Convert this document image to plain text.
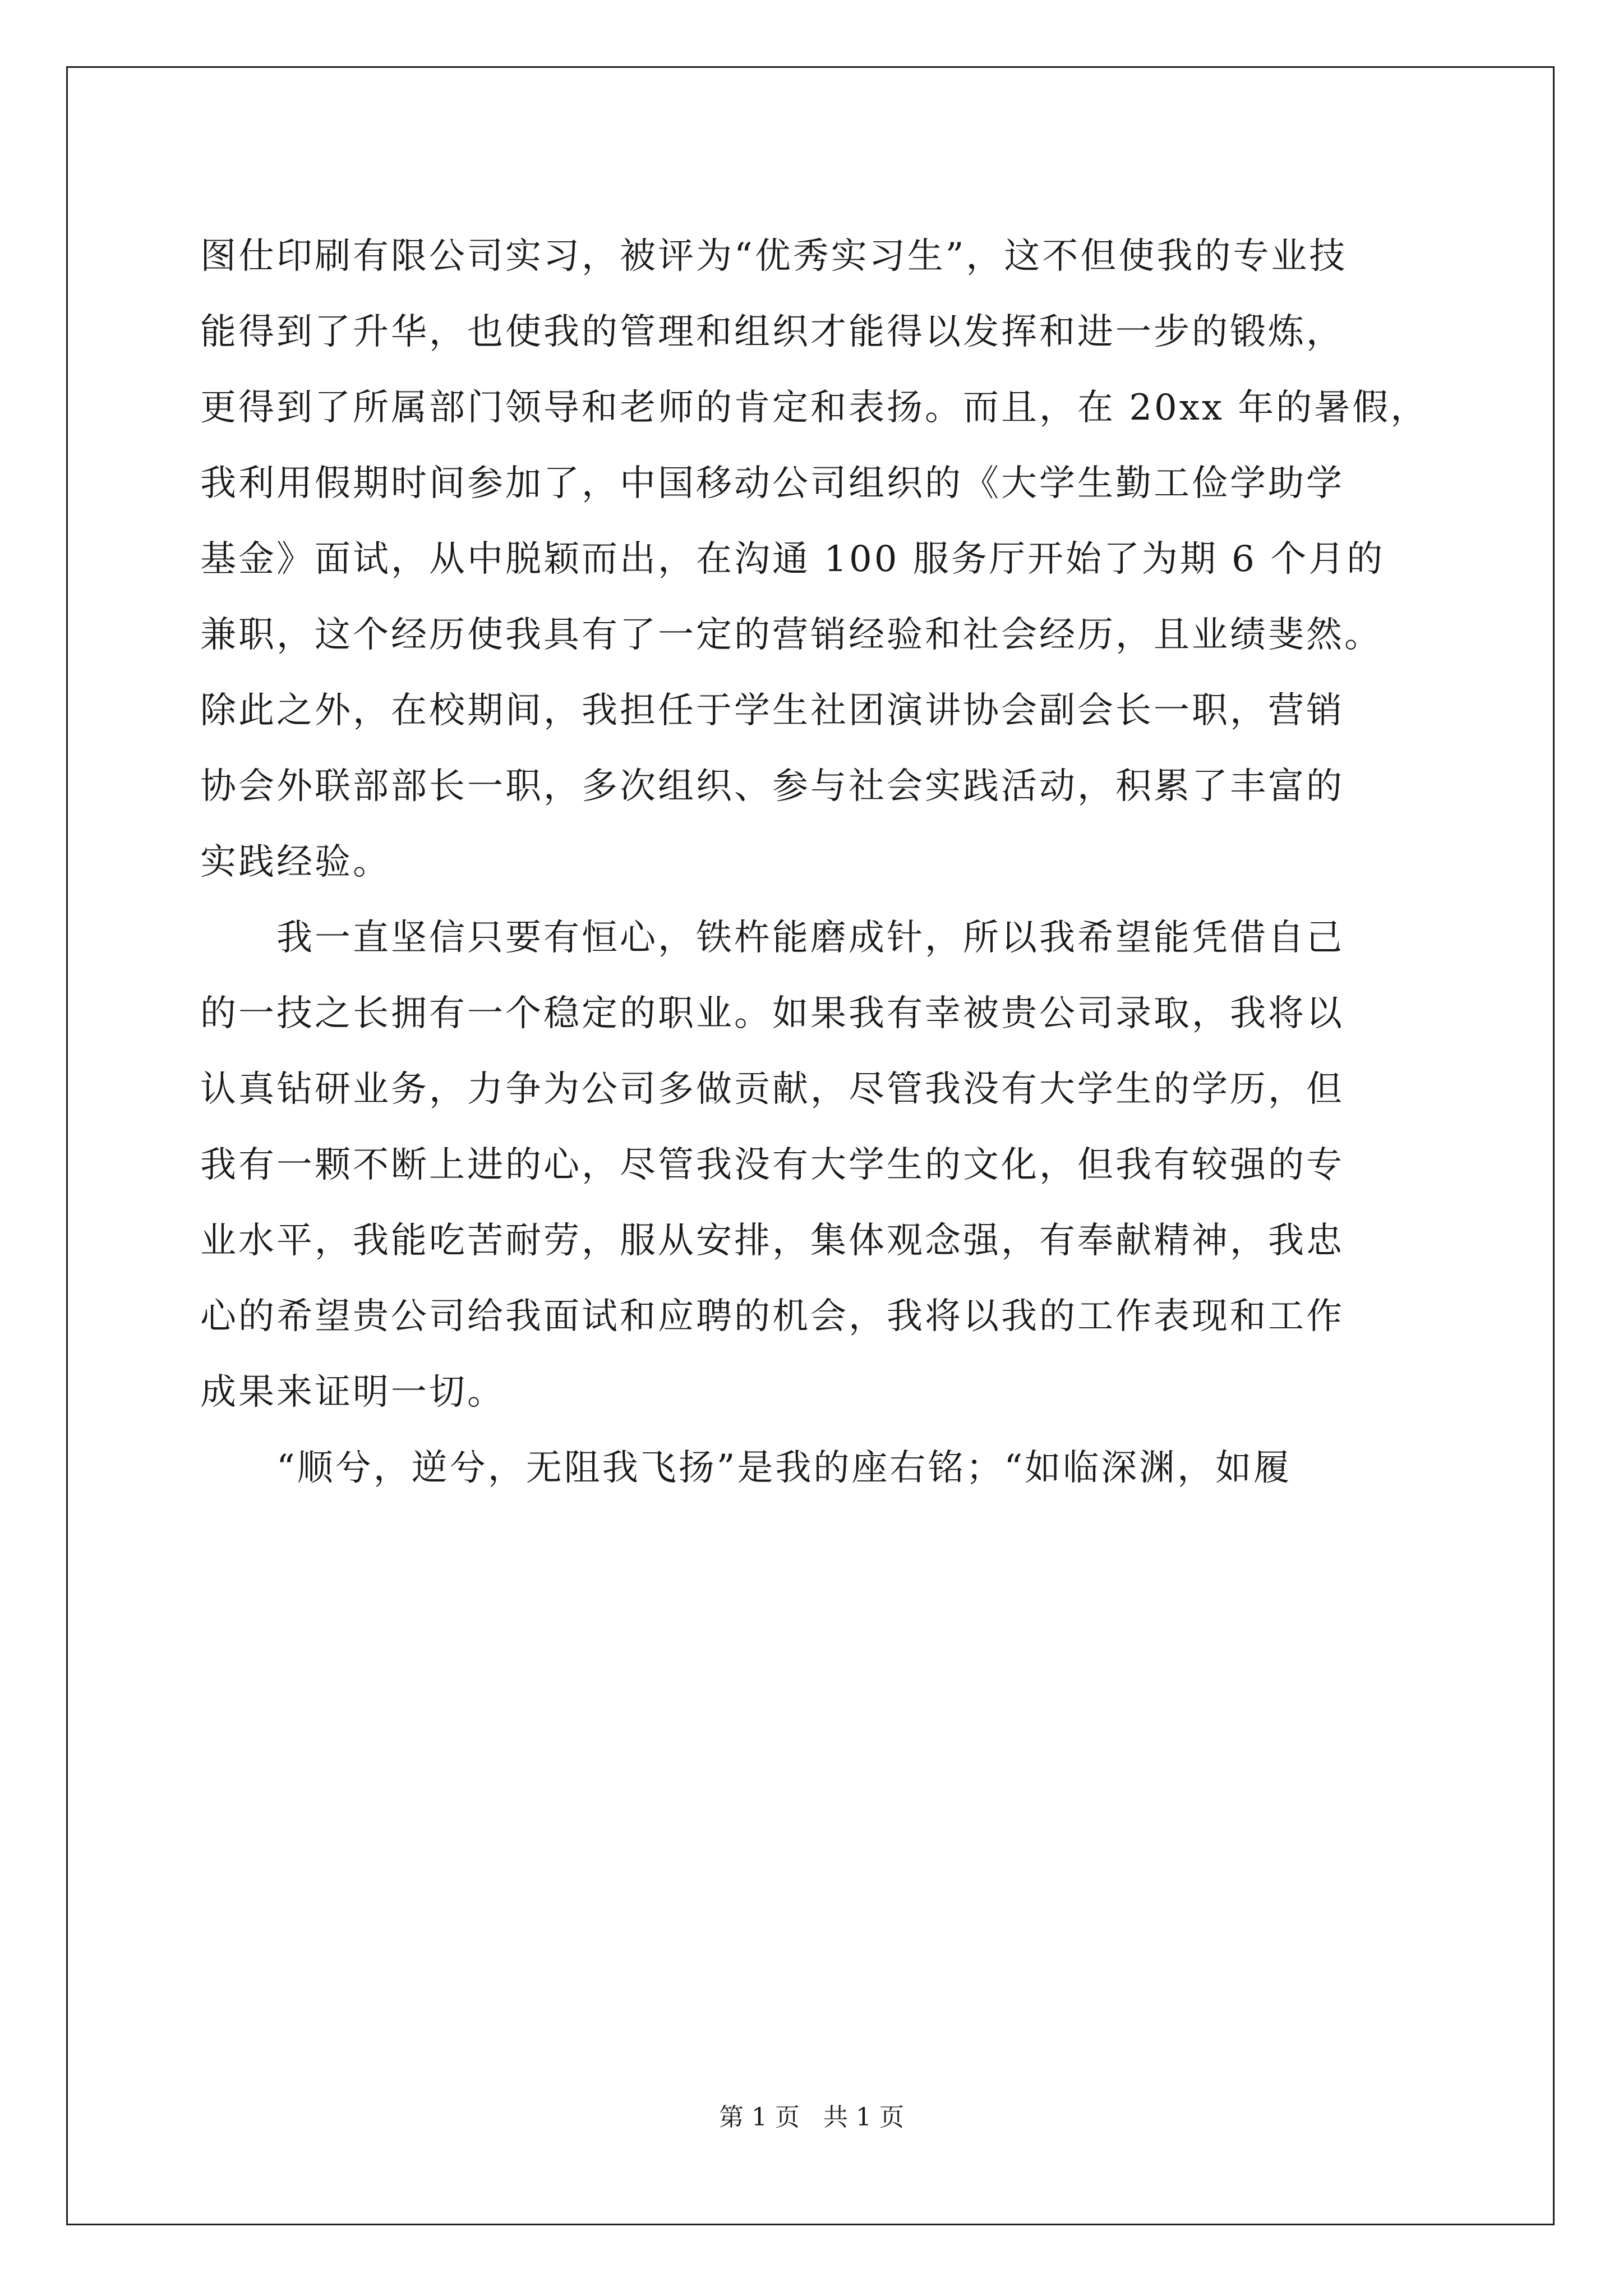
图仕印刷有限公司实习，被评为“优秀实习生”，这不但使我的专业技
能得到了升华，也使我的管理和组织才能得以发挥和进一步的锻炼，
更得到了所属部门领导和老师的肯定和表扬。而且，在 20xx 年的暑假，
我利用假期时间参加了，中国移动公司组织的《大学生勤工俭学助学
基金》面试，从中脱颖而出，在沟通 100 服务厅开始了为期 6 个月的
兼职，这个经历使我具有了一定的营销经验和社会经历，且业绩斐然。
除此之外，在校期间，我担任于学生社团演讲协会副会长一职，营销
协会外联部部长一职，多次组织、参与社会实践活动，积累了丰富的
实践经验。
　　我一直坚信只要有恒心，铁杵能磨成针，所以我希望能凭借自己
的一技之长拥有一个稳定的职业。如果我有幸被贵公司录取，我将以
认真钻研业务，力争为公司多做贡献，尽管我没有大学生的学历，但
我有一颗不断上进的心，尽管我没有大学生的文化，但我有较强的专
业水平，我能吃苦耐劳，服从安排，集体观念强，有奉献精神，我忠
心的希望贵公司给我面试和应聘的机会，我将以我的工作表现和工作
成果来证明一切。
　　“顺兮，逆兮，无阻我飞扬”是我的座右铭；“如临深渊，如履
第 1 页   共 1 页
